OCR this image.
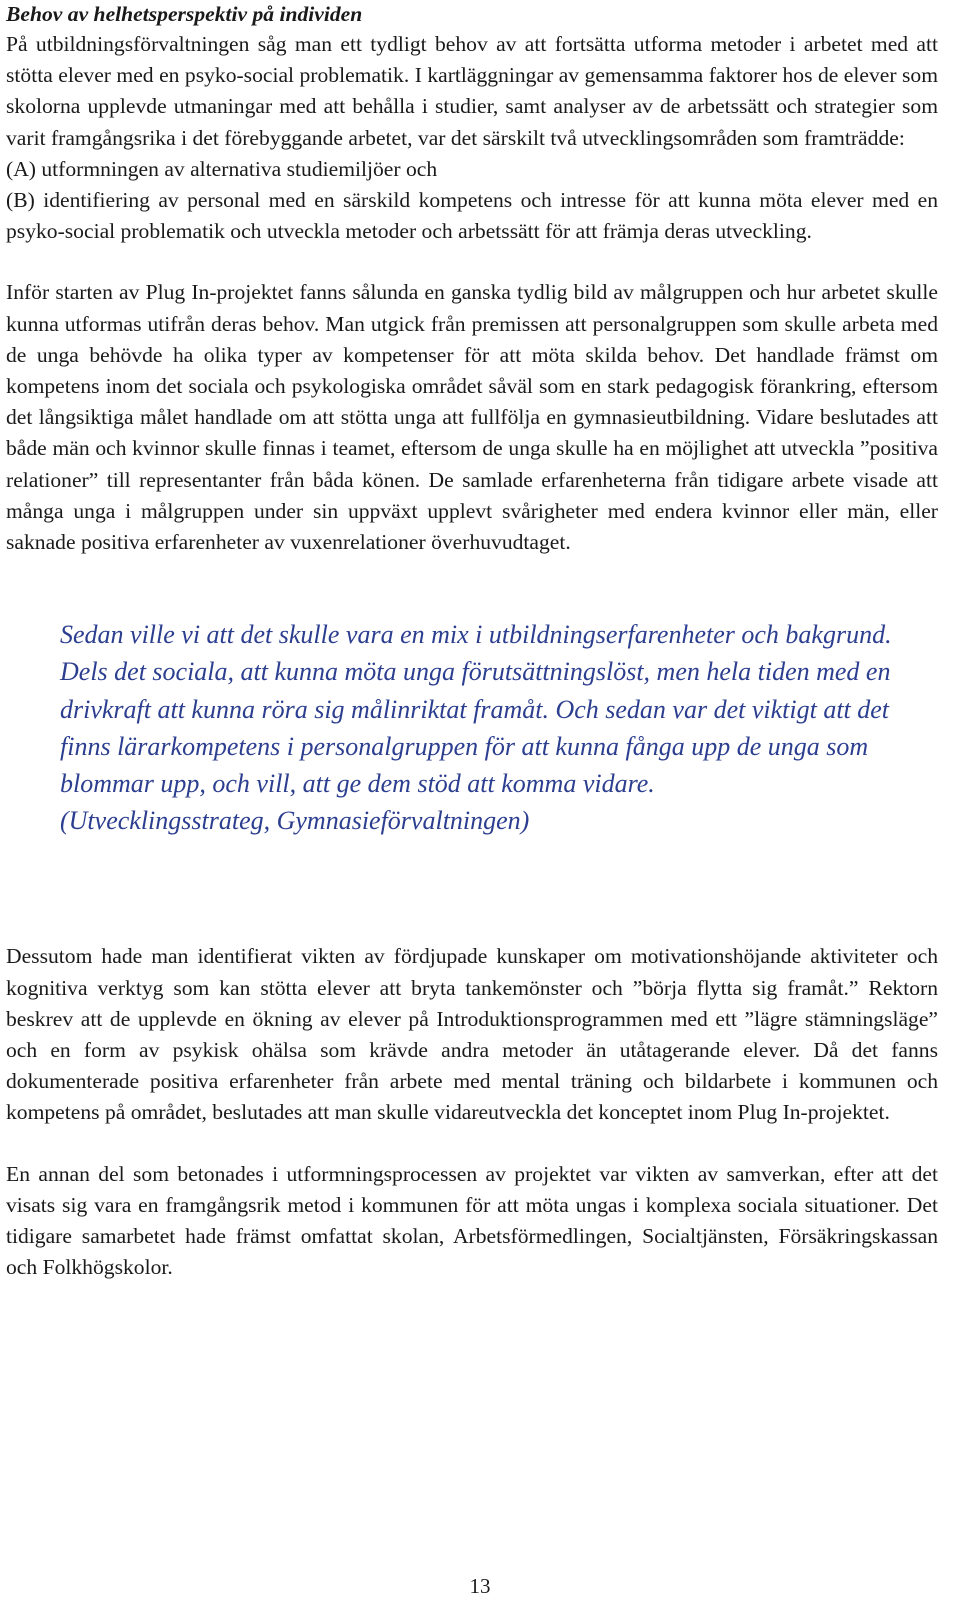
Behov av helhetsperspektiv på individen

På utbildningsförvaltningen såg man ett tydligt behov av att fortsätta utforma metoder i arbetet med att stötta elever med en psyko-social problematik. I kartläggningar av gemensamma faktorer hos de elever som skolorna upplevde utmaningar med att behålla i studier, samt analyser av de arbetssätt och strategier som varit framgångsrika i det förebyggande arbetet, var det särskilt två utvecklingsområden som framträdde:

(A) utformningen av alternativa studiemiljöer och

(B) identifiering av personal med en särskild kompetens och intresse för att kunna möta elever med en psyko-social problematik och utveckla metoder och arbetssätt för att främja deras utveckling.

Inför starten av Plug In-projektet fanns sålunda en ganska tydlig bild av målgruppen och hur arbetet skulle kunna utformas utifrån deras behov. Man utgick från premissen att personalgruppen som skulle arbeta med de unga behövde ha olika typer av kompetenser för att möta skilda behov. Det handlade främst om kompetens inom det sociala och psykologiska området såväl som en stark pedagogisk förankring, eftersom det långsiktiga målet handlade om att stötta unga att fullfölja en gymnasieutbildning. Vidare beslutades att både män och kvinnor skulle finnas i teamet, eftersom de unga skulle ha en möjlighet att utveckla ”positiva relationer” till representanter från båda könen. De samlade erfarenheterna från tidigare arbete visade att många unga i målgruppen under sin uppväxt upplevt svårigheter med endera kvinnor eller män, eller saknade positiva erfarenheter av vuxenrelationer överhuvudtaget.

Sedan ville vi att det skulle vara en mix i utbildningserfarenheter och bakgrund. Dels det sociala, att kunna möta unga förutsättningslöst, men hela tiden med en drivkraft att kunna röra sig målinriktat framåt. Och sedan var det viktigt att det finns lärarkompetens i personalgruppen för att kunna fånga upp de unga som blommar upp, och vill, att ge dem stöd att komma vidare.
(Utvecklingsstrateg, Gymnasieförvaltningen)

Dessutom hade man identifierat vikten av fördjupade kunskaper om motivationshöjande aktiviteter och kognitiva verktyg som kan stötta elever att bryta tankemönster och ”börja flytta sig framåt.” Rektorn beskrev att de upplevde en ökning av elever på Introduktionsprogrammen med ett ”lägre stämningsläge” och en form av psykisk ohälsa som krävde andra metoder än utåtagerande elever. Då det fanns dokumenterade positiva erfarenheter från arbete med mental träning och bildarbete i kommunen och kompetens på området, beslutades att man skulle vidareutveckla det konceptet inom Plug In-projektet.

En annan del som betonades i utformningsprocessen av projektet var vikten av samverkan, efter att det visats sig vara en framgångsrik metod i kommunen för att möta ungas i komplexa sociala situationer. Det tidigare samarbetet hade främst omfattat skolan, Arbetsförmedlingen, Socialtjänsten, Försäkringskassan och Folkhögskolor.

13
